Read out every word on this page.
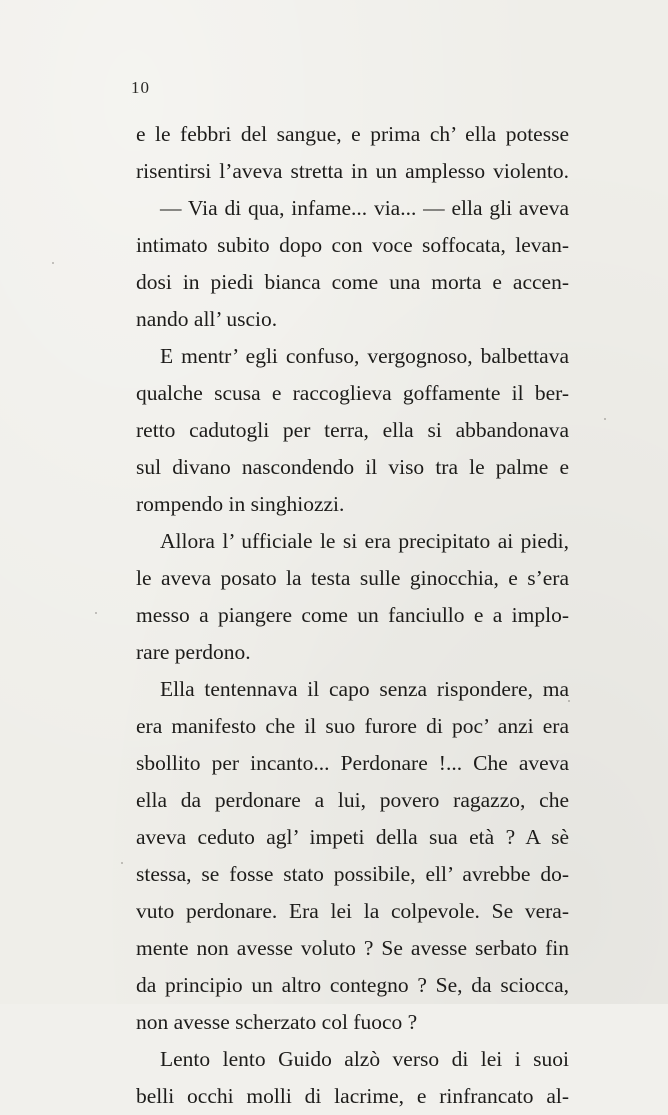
10
e le febbri del sangue, e prima ch’ ella potesse
risentirsi l’aveva stretta in un amplesso violento.
— Via di qua, infame... via... — ella gli aveva
intimato subito dopo con voce soffocata, levan-
dosi in piedi bianca come una morta e accen-
nando all’ uscio.
E mentr’ egli confuso, vergognoso, balbettava
qualche scusa e raccoglieva goffamente il ber-
retto cadutogli per terra, ella si abbandonava
sul divano nascondendo il viso tra le palme e
rompendo in singhiozzi.
Allora l’ ufficiale le si era precipitato ai piedi,
le aveva posato la testa sulle ginocchia, e s’era
messo a piangere come un fanciullo e a implo-
rare perdono.
Ella tentennava il capo senza rispondere, ma
era manifesto che il suo furore di poc’ anzi era
sbollito per incanto... Perdonare !... Che aveva
ella da perdonare a lui, povero ragazzo, che
aveva ceduto agl’ impeti della sua età ? A sè
stessa, se fosse stato possibile, ell’ avrebbe do-
vuto perdonare. Era lei la colpevole. Se vera-
mente non avesse voluto ? Se avesse serbato fin
da principio un altro contegno ? Se, da sciocca,
non avesse scherzato col fuoco ?
Lento lento Guido alzò verso di lei i suoi
belli occhi molli di lacrime, e rinfrancato al-
